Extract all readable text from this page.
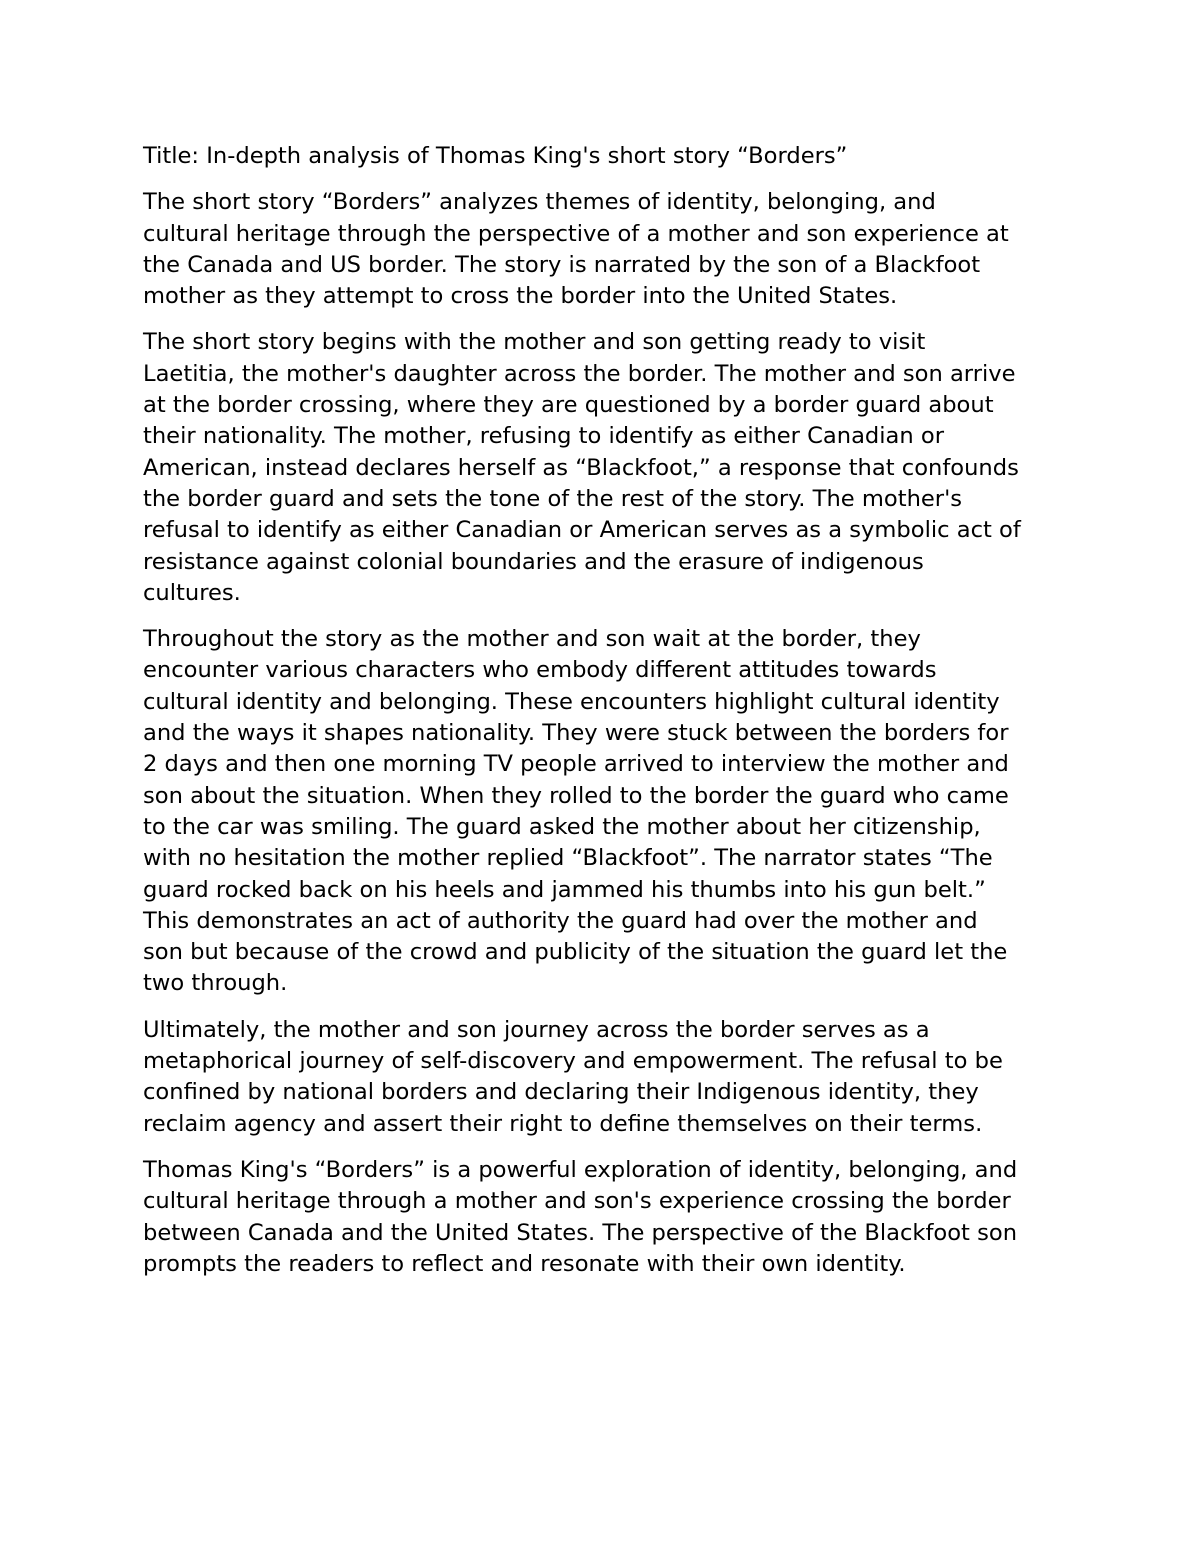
Title: In-depth analysis of Thomas King's short story “Borders”

The short story “Borders” analyzes themes of identity, belonging, and
cultural heritage through the perspective of a mother and son experience at
the Canada and US border. The story is narrated by the son of a Blackfoot
mother as they attempt to cross the border into the United States.

The short story begins with the mother and son getting ready to visit
Laetitia, the mother's daughter across the border. The mother and son arrive
at the border crossing, where they are questioned by a border guard about
their nationality. The mother, refusing to identify as either Canadian or
American, instead declares herself as “Blackfoot,” a response that confounds
the border guard and sets the tone of the rest of the story. The mother's
refusal to identify as either Canadian or American serves as a symbolic act of
resistance against colonial boundaries and the erasure of indigenous
cultures.

Throughout the story as the mother and son wait at the border, they
encounter various characters who embody different attitudes towards
cultural identity and belonging. These encounters highlight cultural identity
and the ways it shapes nationality. They were stuck between the borders for
2 days and then one morning TV people arrived to interview the mother and
son about the situation. When they rolled to the border the guard who came
to the car was smiling. The guard asked the mother about her citizenship,
with no hesitation the mother replied “Blackfoot”. The narrator states “The
guard rocked back on his heels and jammed his thumbs into his gun belt.”
This demonstrates an act of authority the guard had over the mother and
son but because of the crowd and publicity of the situation the guard let the
two through.

Ultimately, the mother and son journey across the border serves as a
metaphorical journey of self-discovery and empowerment. The refusal to be
confined by national borders and declaring their Indigenous identity, they
reclaim agency and assert their right to define themselves on their terms.

Thomas King's “Borders” is a powerful exploration of identity, belonging, and
cultural heritage through a mother and son's experience crossing the border
between Canada and the United States. The perspective of the Blackfoot son
prompts the readers to reflect and resonate with their own identity.
